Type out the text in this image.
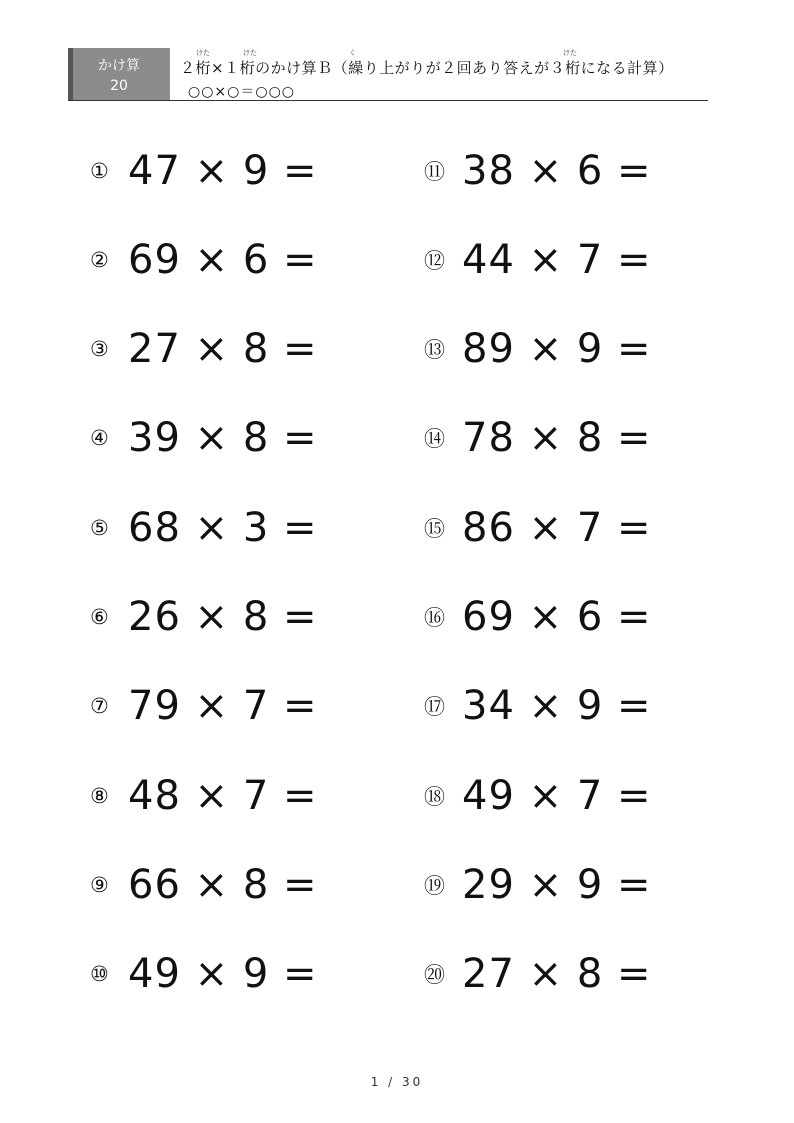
かけ算
20
けた	けた	く	けた
２桁×１桁のかけ算Ｂ（繰り上がりが２回あり答えが３桁になる計算）
○○×○＝○○○
① 47 × 9 =
② 69 × 6 =
③ 27 × 8 =
④ 39 × 8 =
⑤ 68 × 3 =
⑥ 26 × 8 =
⑦ 79 × 7 =
⑧ 48 × 7 =
⑨ 66 × 8 =
⑩ 49 × 9 =
⑪ 38 × 6 =
⑫ 44 × 7 =
⑬ 89 × 9 =
⑭ 78 × 8 =
⑮ 86 × 7 =
⑯ 69 × 6 =
⑰ 34 × 9 =
⑱ 49 × 7 =
⑲ 29 × 9 =
⑳ 27 × 8 =
1 / 30
